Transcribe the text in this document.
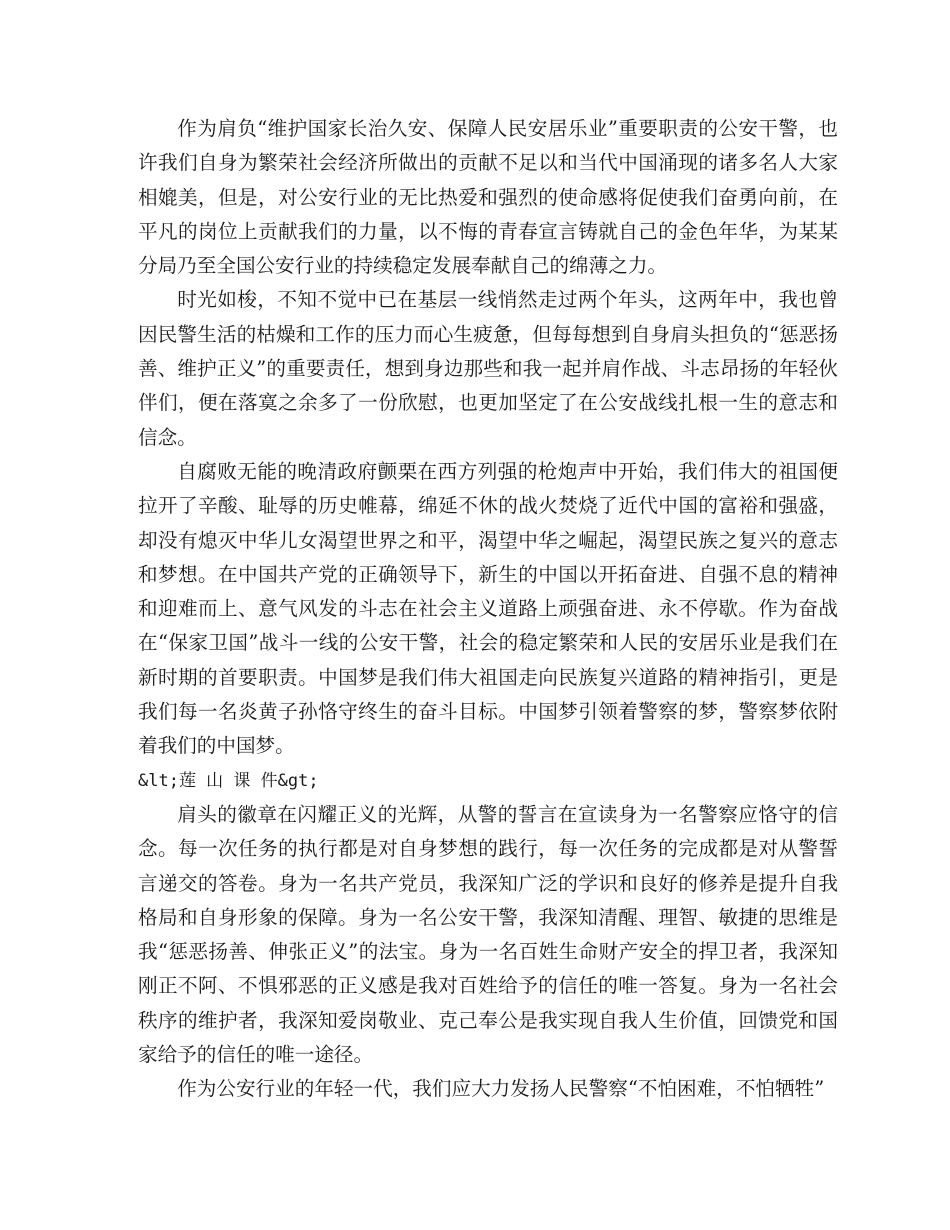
作为肩负“维护国家长治久安、保障人民安居乐业”重要职责的公安干警，也许我们自身为繁荣社会经济所做出的贡献不足以和当代中国涌现的诸多名人大家相媲美，但是，对公安行业的无比热爱和强烈的使命感将促使我们奋勇向前，在平凡的岗位上贡献我们的力量，以不悔的青春宣言铸就自己的金色年华，为某某分局乃至全国公安行业的持续稳定发展奉献自己的绵薄之力。

时光如梭，不知不觉中已在基层一线悄然走过两个年头，这两年中，我也曾因民警生活的枯燥和工作的压力而心生疲惫，但每每想到自身肩头担负的“惩恶扬善、维护正义”的重要责任，想到身边那些和我一起并肩作战、斗志昂扬的年轻伙伴们，便在落寞之余多了一份欣慰，也更加坚定了在公安战线扎根一生的意志和信念。

自腐败无能的晚清政府颤栗在西方列强的枪炮声中开始，我们伟大的祖国便拉开了辛酸、耻辱的历史帷幕，绵延不休的战火焚烧了近代中国的富裕和强盛，却没有熄灭中华儿女渴望世界之和平，渴望中华之崛起，渴望民族之复兴的意志和梦想。在中国共产党的正确领导下，新生的中国以开拓奋进、自强不息的精神和迎难而上、意气风发的斗志在社会主义道路上顽强奋进、永不停歇。作为奋战在“保家卫国”战斗一线的公安干警，社会的稳定繁荣和人民的安居乐业是我们在新时期的首要职责。中国梦是我们伟大祖国走向民族复兴道路的精神指引，更是我们每一名炎黄子孙恪守终生的奋斗目标。中国梦引领着警察的梦，警察梦依附着我们的中国梦。

&lt;莲 山 课 件&gt;

肩头的徽章在闪耀正义的光辉，从警的誓言在宣读身为一名警察应恪守的信念。每一次任务的执行都是对自身梦想的践行，每一次任务的完成都是对从警誓言递交的答卷。身为一名共产党员，我深知广泛的学识和良好的修养是提升自我格局和自身形象的保障。身为一名公安干警，我深知清醒、理智、敏捷的思维是我“惩恶扬善、伸张正义”的法宝。身为一名百姓生命财产安全的捍卫者，我深知刚正不阿、不惧邪恶的正义感是我对百姓给予的信任的唯一答复。身为一名社会秩序的维护者，我深知爱岗敬业、克己奉公是我实现自我人生价值，回馈党和国家给予的信任的唯一途径。

作为公安行业的年轻一代，我们应大力发扬人民警察“不怕困难，不怕牺牲”
